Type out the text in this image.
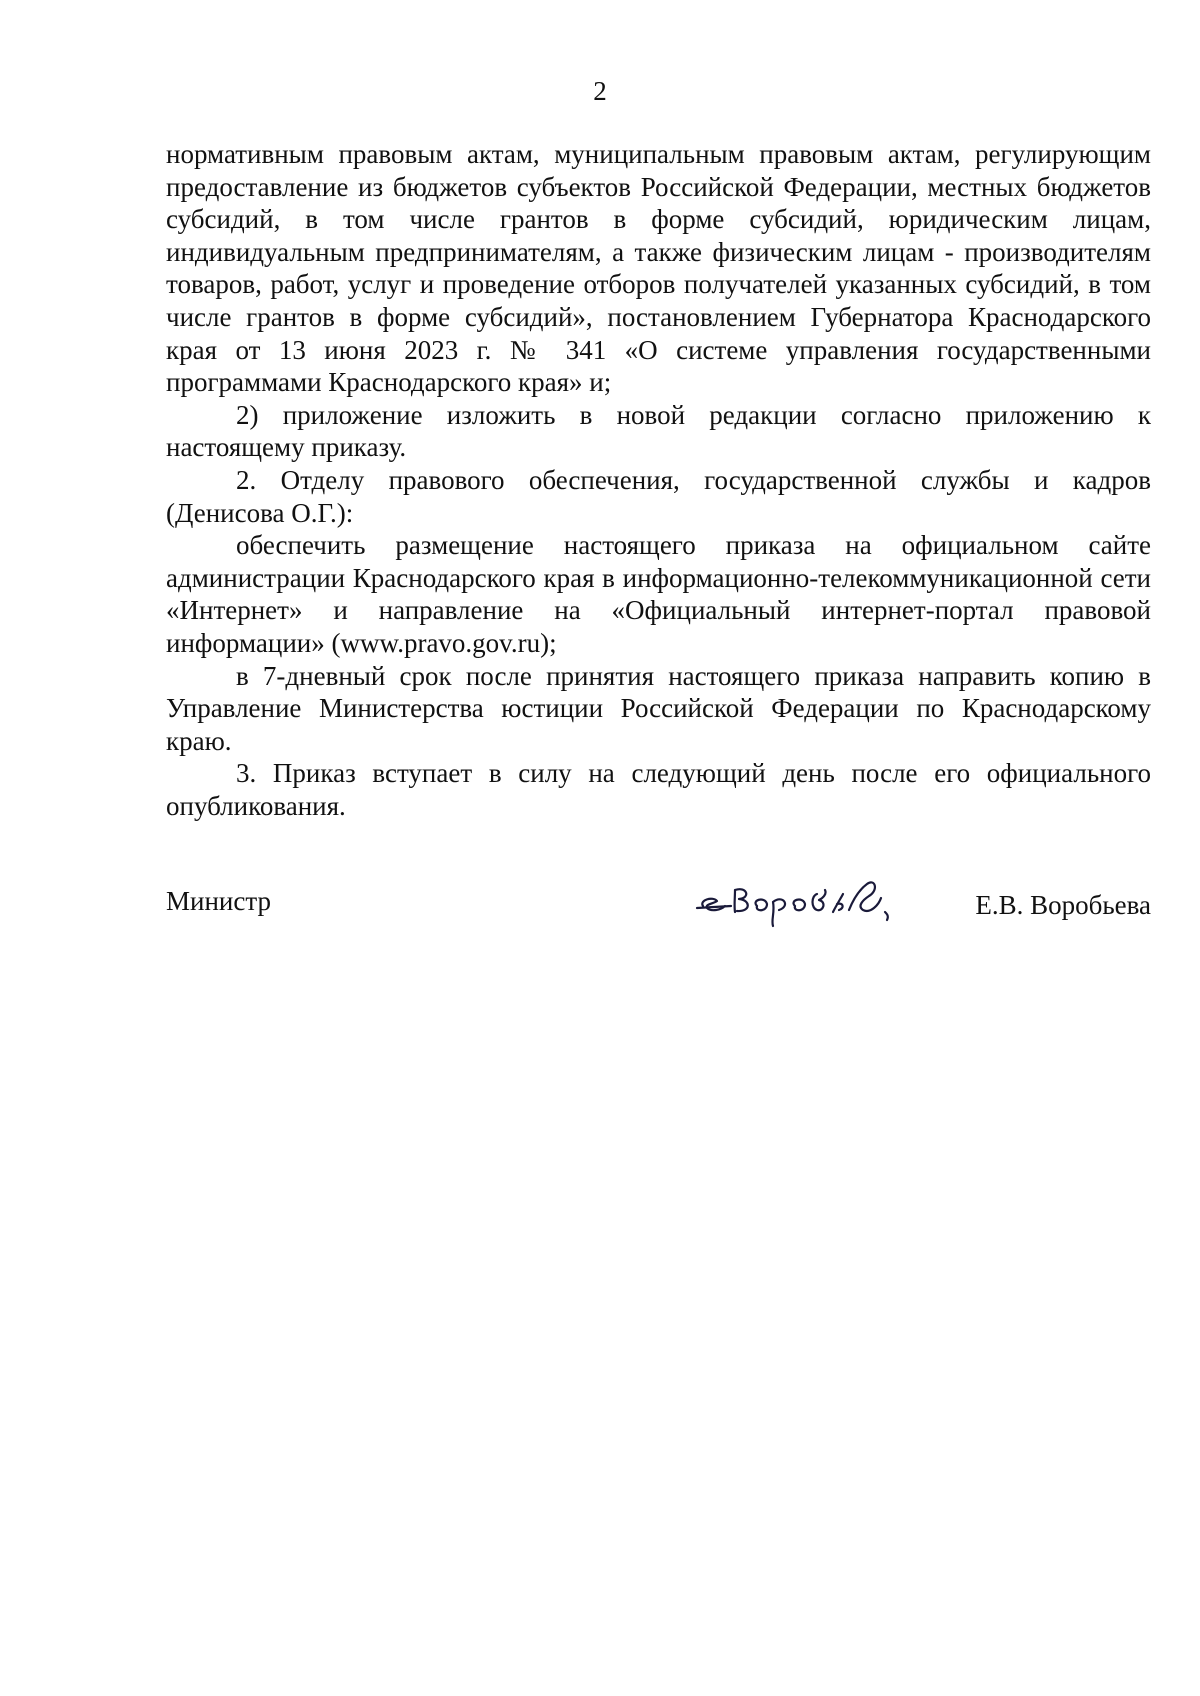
2

нормативным правовым актам, муниципальным правовым актам, регулирующим предоставление из бюджетов субъектов Российской Федерации, местных бюджетов субсидий, в том числе грантов в форме субсидий, юридическим лицам, индивидуальным предпринимателям, а также физическим лицам - производителям товаров, работ, услуг и проведение отборов получателей указанных субсидий, в том числе грантов в форме субсидий», постановлением Губернатора Краснодарского края от 13 июня 2023 г. № 341 «О системе управления государственными программами Краснодарского края» и;

2) приложение изложить в новой редакции согласно приложению к настоящему приказу.

2. Отделу правового обеспечения, государственной службы и кадров (Денисова О.Г.):

обеспечить размещение настоящего приказа на официальном сайте администрации Краснодарского края в информационно-телекоммуникационной сети «Интернет» и направление на «Официальный интернет-портал правовой информации» (www.pravo.gov.ru);

в 7-дневный срок после принятия настоящего приказа направить копию в Управление Министерства юстиции Российской Федерации по Краснодарскому краю.

3. Приказ вступает в силу на следующий день после его официального опубликования.

Министр	Е.В. Воробьева
